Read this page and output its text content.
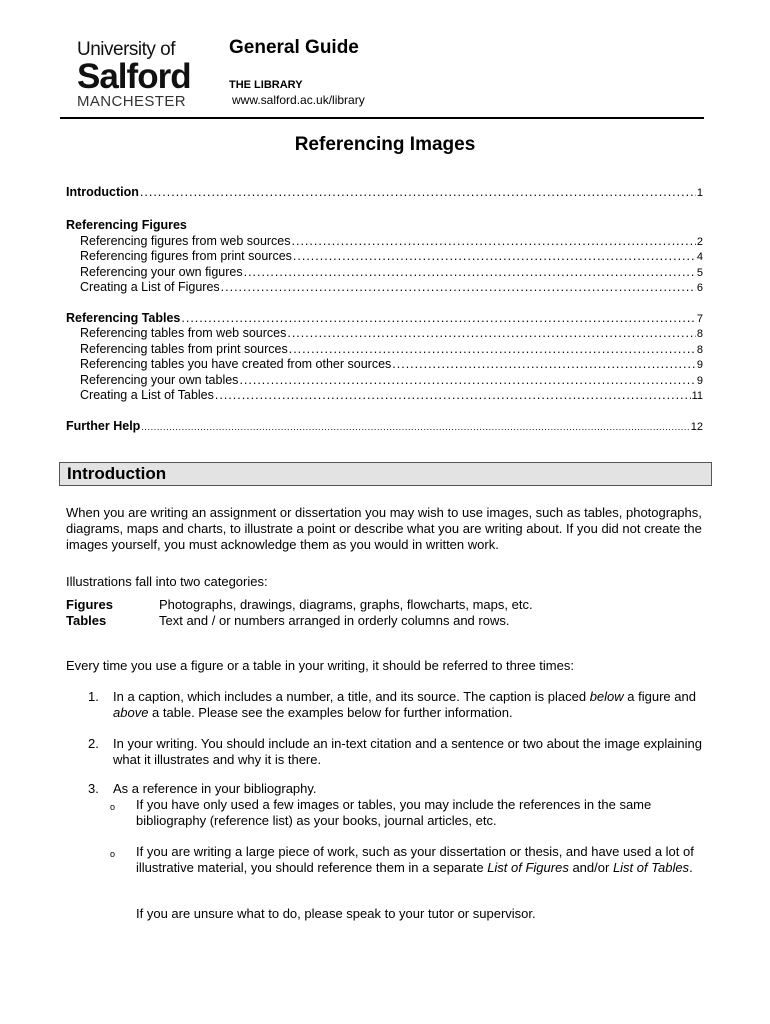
University of
Salford
MANCHESTER
General Guide
THE LIBRARY
www.salford.ac.uk/library
Referencing Images
Introduction .....	1
Referencing Figures
Referencing figures from web sources .....	2
Referencing figures from print sources .....	4
Referencing your own figures .....	5
Creating a List of Figures .....	6
Referencing Tables .....	7
Referencing tables from web sources .....	8
Referencing tables from print sources .....	8
Referencing tables you have created from other sources .....	9
Referencing your own tables .....	9
Creating a List of Tables .....	11
Further Help .....	12
Introduction
When you are writing an assignment or dissertation you may wish to use images, such as tables, photographs, diagrams, maps and charts, to illustrate a point or describe what you are writing about. If you did not create the images yourself, you must acknowledge them as you would in written work.
Illustrations fall into two categories:
Figures	Photographs, drawings, diagrams, graphs, flowcharts, maps, etc.
Tables	Text and / or numbers arranged in orderly columns and rows.
Every time you use a figure or a table in your writing, it should be referred to three times:
1. In a caption, which includes a number, a title, and its source. The caption is placed below a figure and above a table. Please see the examples below for further information.
2. In your writing. You should include an in-text citation and a sentence or two about the image explaining what it illustrates and why it is there.
3. As a reference in your bibliography.
o If you have only used a few images or tables, you may include the references in the same bibliography (reference list) as your books, journal articles, etc.
o If you are writing a large piece of work, such as your dissertation or thesis, and have used a lot of illustrative material, you should reference them in a separate List of Figures and/or List of Tables.
If you are unsure what to do, please speak to your tutor or supervisor.
